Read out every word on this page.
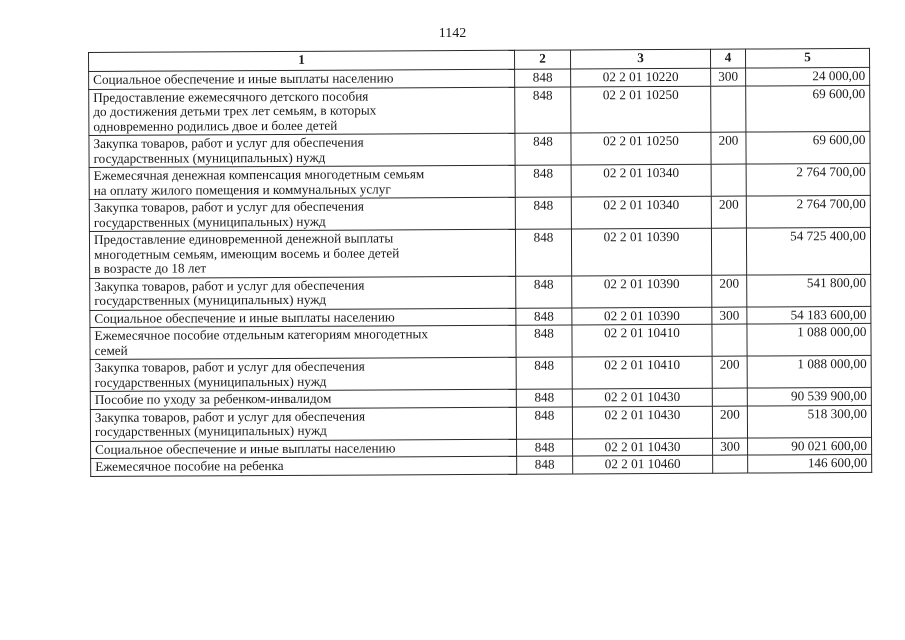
1142
1	2	3	4	5
Социальное обеспечение и иные выплаты населению	848	02 2 01 10220	300	24 000,00
Предоставление ежемесячного детского пособия
до достижения детьми трех лет семьям, в которых
одновременно родились двое и более детей	848	02 2 01 10250		69 600,00
Закупка товаров, работ и услуг для обеспечения
государственных (муниципальных) нужд	848	02 2 01 10250	200	69 600,00
Ежемесячная денежная компенсация многодетным семьям
на оплату жилого помещения и коммунальных услуг	848	02 2 01 10340		2 764 700,00
Закупка товаров, работ и услуг для обеспечения
государственных (муниципальных) нужд	848	02 2 01 10340	200	2 764 700,00
Предоставление единовременной денежной выплаты
многодетным семьям, имеющим восемь и более детей
в возрасте до 18 лет	848	02 2 01 10390		54 725 400,00
Закупка товаров, работ и услуг для обеспечения
государственных (муниципальных) нужд	848	02 2 01 10390	200	541 800,00
Социальное обеспечение и иные выплаты населению	848	02 2 01 10390	300	54 183 600,00
Ежемесячное пособие отдельным категориям многодетных
семей	848	02 2 01 10410		1 088 000,00
Закупка товаров, работ и услуг для обеспечения
государственных (муниципальных) нужд	848	02 2 01 10410	200	1 088 000,00
Пособие по уходу за ребенком-инвалидом	848	02 2 01 10430		90 539 900,00
Закупка товаров, работ и услуг для обеспечения
государственных (муниципальных) нужд	848	02 2 01 10430	200	518 300,00
Социальное обеспечение и иные выплаты населению	848	02 2 01 10430	300	90 021 600,00
Ежемесячное пособие на ребенка	848	02 2 01 10460		146 600,00
